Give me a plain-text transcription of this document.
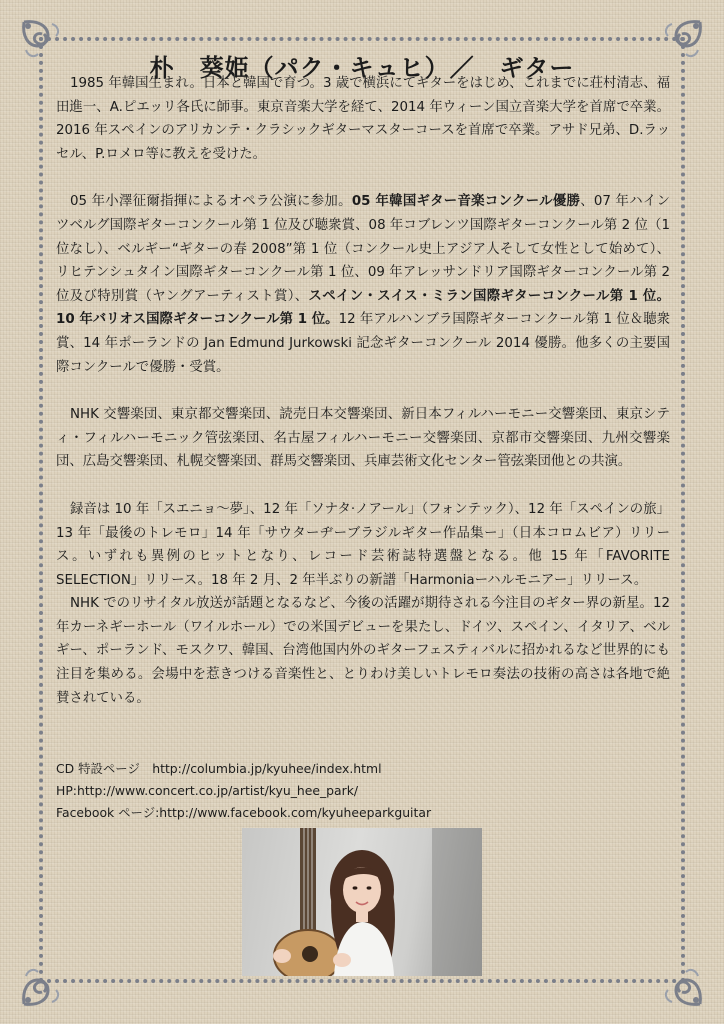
朴　葵姫（パク・キュヒ）／　ギター

1985 年韓国生まれ。日本と韓国で育つ。3 歳で横浜にてギターをはじめ、これまでに荘村清志、福田進一、A.ピエッリ各氏に師事。東京音楽大学を経て、2014 年ウィーン国立音楽大学を首席で卒業。2016 年スペインのアリカンテ・クラシックギターマスターコースを首席で卒業。アサド兄弟、D.ラッセル、P.ロメロ等に教えを受けた。

05 年小澤征爾指揮によるオペラ公演に参加。05 年韓国ギター音楽コンクール優勝、07 年ハインツベルグ国際ギターコンクール第 1 位及び聴衆賞、08 年コブレンツ国際ギターコンクール第 2 位（1 位なし）、ベルギー“ギターの春 2008”第 1 位（コンクール史上アジア人そして女性として始めて）、リヒテンシュタイン国際ギターコンクール第 1 位、09 年アレッサンドリア国際ギターコンクール第 2 位及び特別賞（ヤングアーティスト賞）、スペイン・スイス・ミラン国際ギターコンクール第 1 位。10 年バリオス国際ギターコンクール第 1 位。12 年アルハンブラ国際ギターコンクール第 1 位＆聴衆賞、14 年ポーランドの Jan Edmund Jurkowski 記念ギターコンクール 2014 優勝。他多くの主要国際コンクールで優勝・受賞。

NHK 交響楽団、東京都交響楽団、読売日本交響楽団、新日本フィルハーモニー交響楽団、東京シティ・フィルハーモニック管弦楽団、名古屋フィルハーモニー交響楽団、京都市交響楽団、九州交響楽団、広島交響楽団、札幌交響楽団、群馬交響楽団、兵庫芸術文化センター管弦楽団他との共演。

録音は 10 年「スエニョ～夢」、12 年「ソナタ·ノアール」（フォンテック）、12 年「スペインの旅」13 年「最後のトレモロ」14 年「サウターヂーブラジルギター作品集ー」（日本コロムビア）リリース。いずれも異例のヒットとなり、レコード芸術誌特選盤となる。他 15 年「FAVORITE SELECTION」リリース。18 年 2 月、2 年半ぶりの新譜「Harmoniaーハルモニアー」リリース。

NHK でのリサイタル放送が話題となるなど、今後の活躍が期待される今注目のギター界の新星。12 年カーネギーホール（ワイルホール）での米国デビューを果たし、ドイツ、スペイン、イタリア、ベルギー、ポーランド、モスクワ、韓国、台湾他国内外のギターフェスティバルに招かれるなど世界的にも注目を集める。会場中を惹きつける音楽性と、とりわけ美しいトレモロ奏法の技術の高さは各地で絶賛されている。

CD 特設ページ　http://columbia.jp/kyuhee/index.html
HP:http://www.concert.co.jp/artist/kyu_hee_park/
Facebook ページ:http://www.facebook.com/kyuheeparkguitar
